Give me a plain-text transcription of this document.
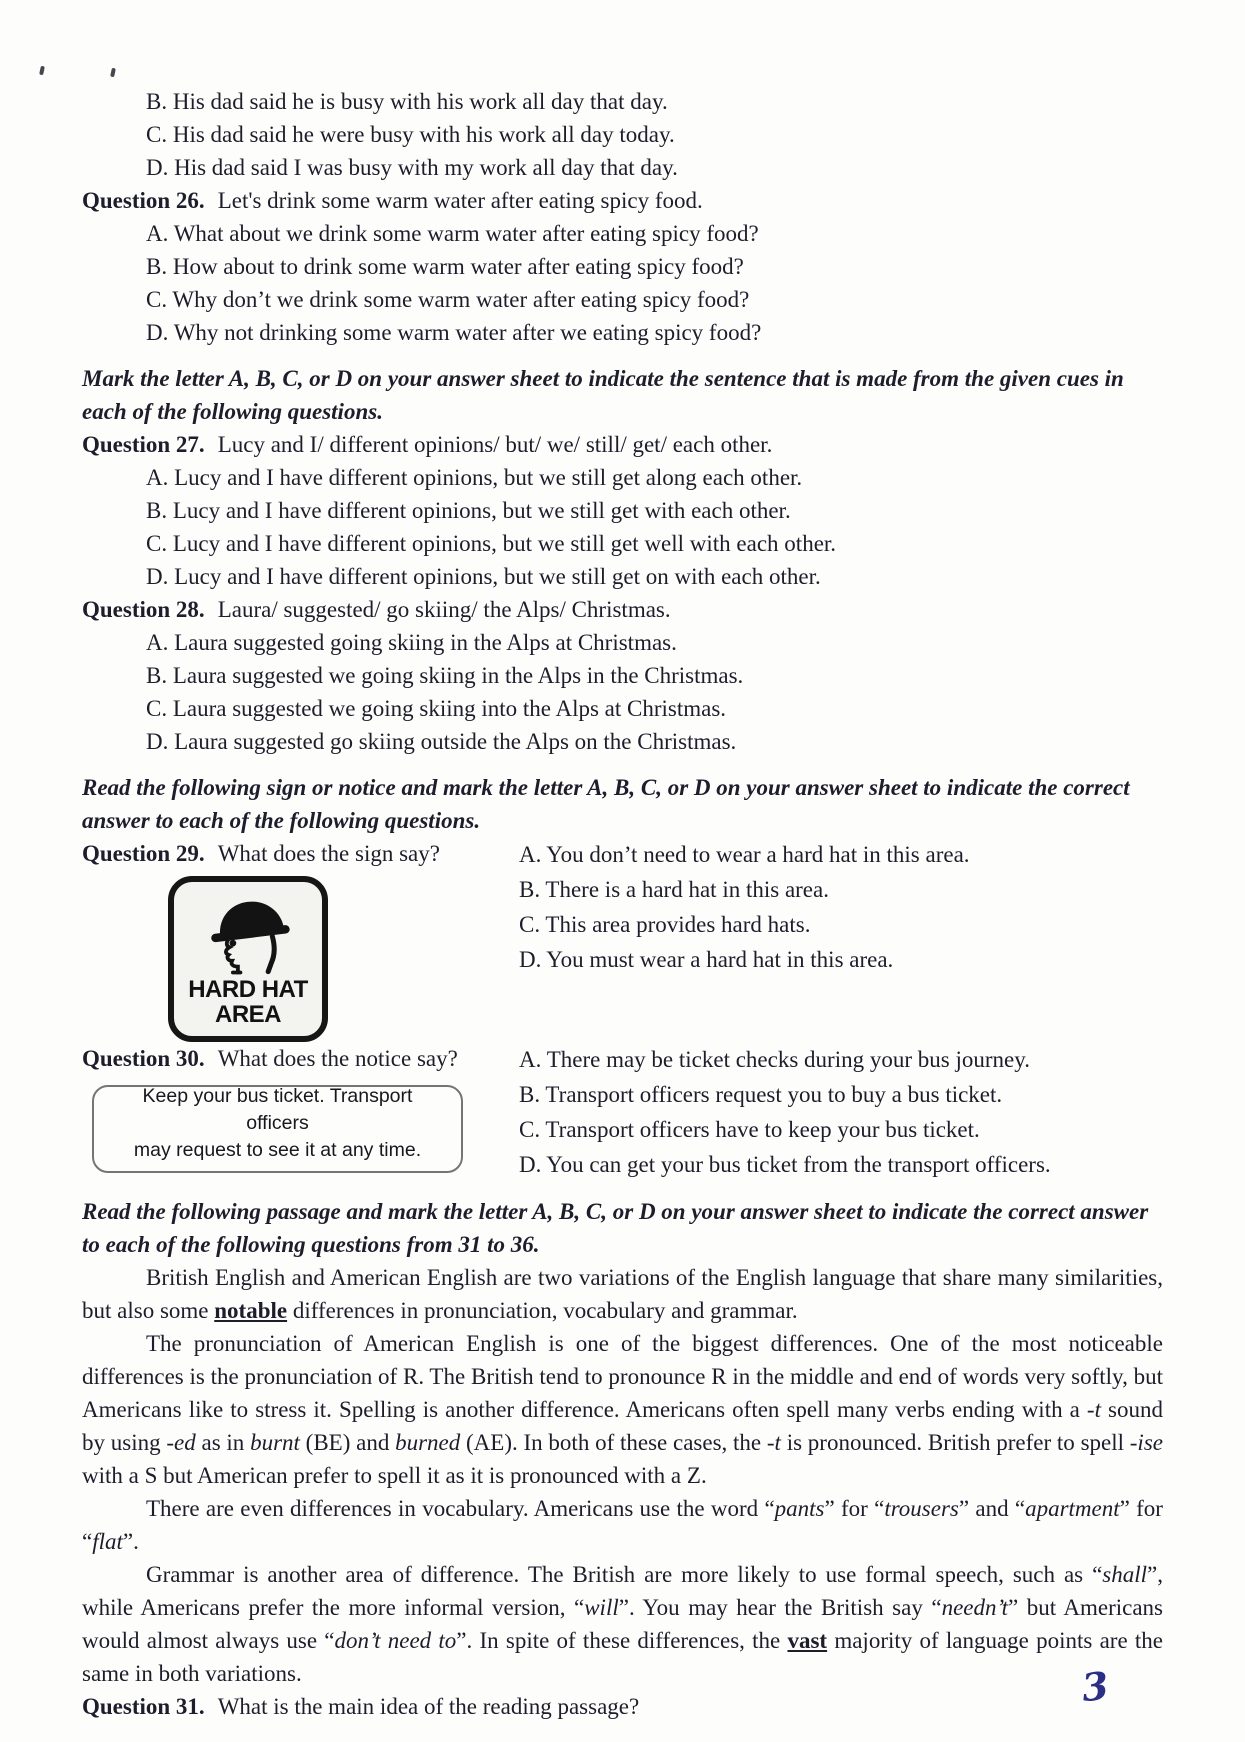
B. His dad said he is busy with his work all day that day.
C. His dad said he were busy with his work all day today.
D. His dad said I was busy with my work all day that day.
Question 26. Let's drink some warm water after eating spicy food.
A. What about we drink some warm water after eating spicy food?
B. How about to drink some warm water after eating spicy food?
C. Why don’t we drink some warm water after eating spicy food?
D. Why not drinking some warm water after we eating spicy food?

Mark the letter A, B, C, or D on your answer sheet to indicate the sentence that is made from the given cues in each of the following questions.

Question 27. Lucy and I/ different opinions/ but/ we/ still/ get/ each other.
A. Lucy and I have different opinions, but we still get along each other.
B. Lucy and I have different opinions, but we still get with each other.
C. Lucy and I have different opinions, but we still get well with each other.
D. Lucy and I have different opinions, but we still get on with each other.
Question 28. Laura/ suggested/ go skiing/ the Alps/ Christmas.
A. Laura suggested going skiing in the Alps at Christmas.
B. Laura suggested we going skiing in the Alps in the Christmas.
C. Laura suggested we going skiing into the Alps at Christmas.
D. Laura suggested go skiing outside the Alps on the Christmas.

Read the following sign or notice and mark the letter A, B, C, or D on your answer sheet to indicate the correct answer to each of the following questions.

Question 29. What does the sign say?
HARD HAT
AREA
A. You don’t need to wear a hard hat in this area.
B. There is a hard hat in this area.
C. This area provides hard hats.
D. You must wear a hard hat in this area.
Question 30. What does the notice say?
Keep your bus ticket. Transport officers
may request to see it at any time.
A. There may be ticket checks during your bus journey.
B. Transport officers request you to buy a bus ticket.
C. Transport officers have to keep your bus ticket.
D. You can get your bus ticket from the transport officers.

Read the following passage and mark the letter A, B, C, or D on your answer sheet to indicate the correct answer to each of the following questions from 31 to 36.

British English and American English are two variations of the English language that share many similarities, but also some notable differences in pronunciation, vocabulary and grammar.

The pronunciation of American English is one of the biggest differences. One of the most noticeable differences is the pronunciation of R. The British tend to pronounce R in the middle and end of words very softly, but Americans like to stress it. Spelling is another difference. Americans often spell many verbs ending with a -t sound by using -ed as in burnt (BE) and burned (AE). In both of these cases, the -t is pronounced. British prefer to spell -ise with a S but American prefer to spell it as it is pronounced with a Z.

There are even differences in vocabulary. Americans use the word “pants” for “trousers” and “apartment” for “flat”.

Grammar is another area of difference. The British are more likely to use formal speech, such as “shall”, while Americans prefer the more informal version, “will”. You may hear the British say “needn’t” but Americans would almost always use “don’t need to”. In spite of these differences, the vast majority of language points are the same in both variations.

Question 31. What is the main idea of the reading passage?	3
